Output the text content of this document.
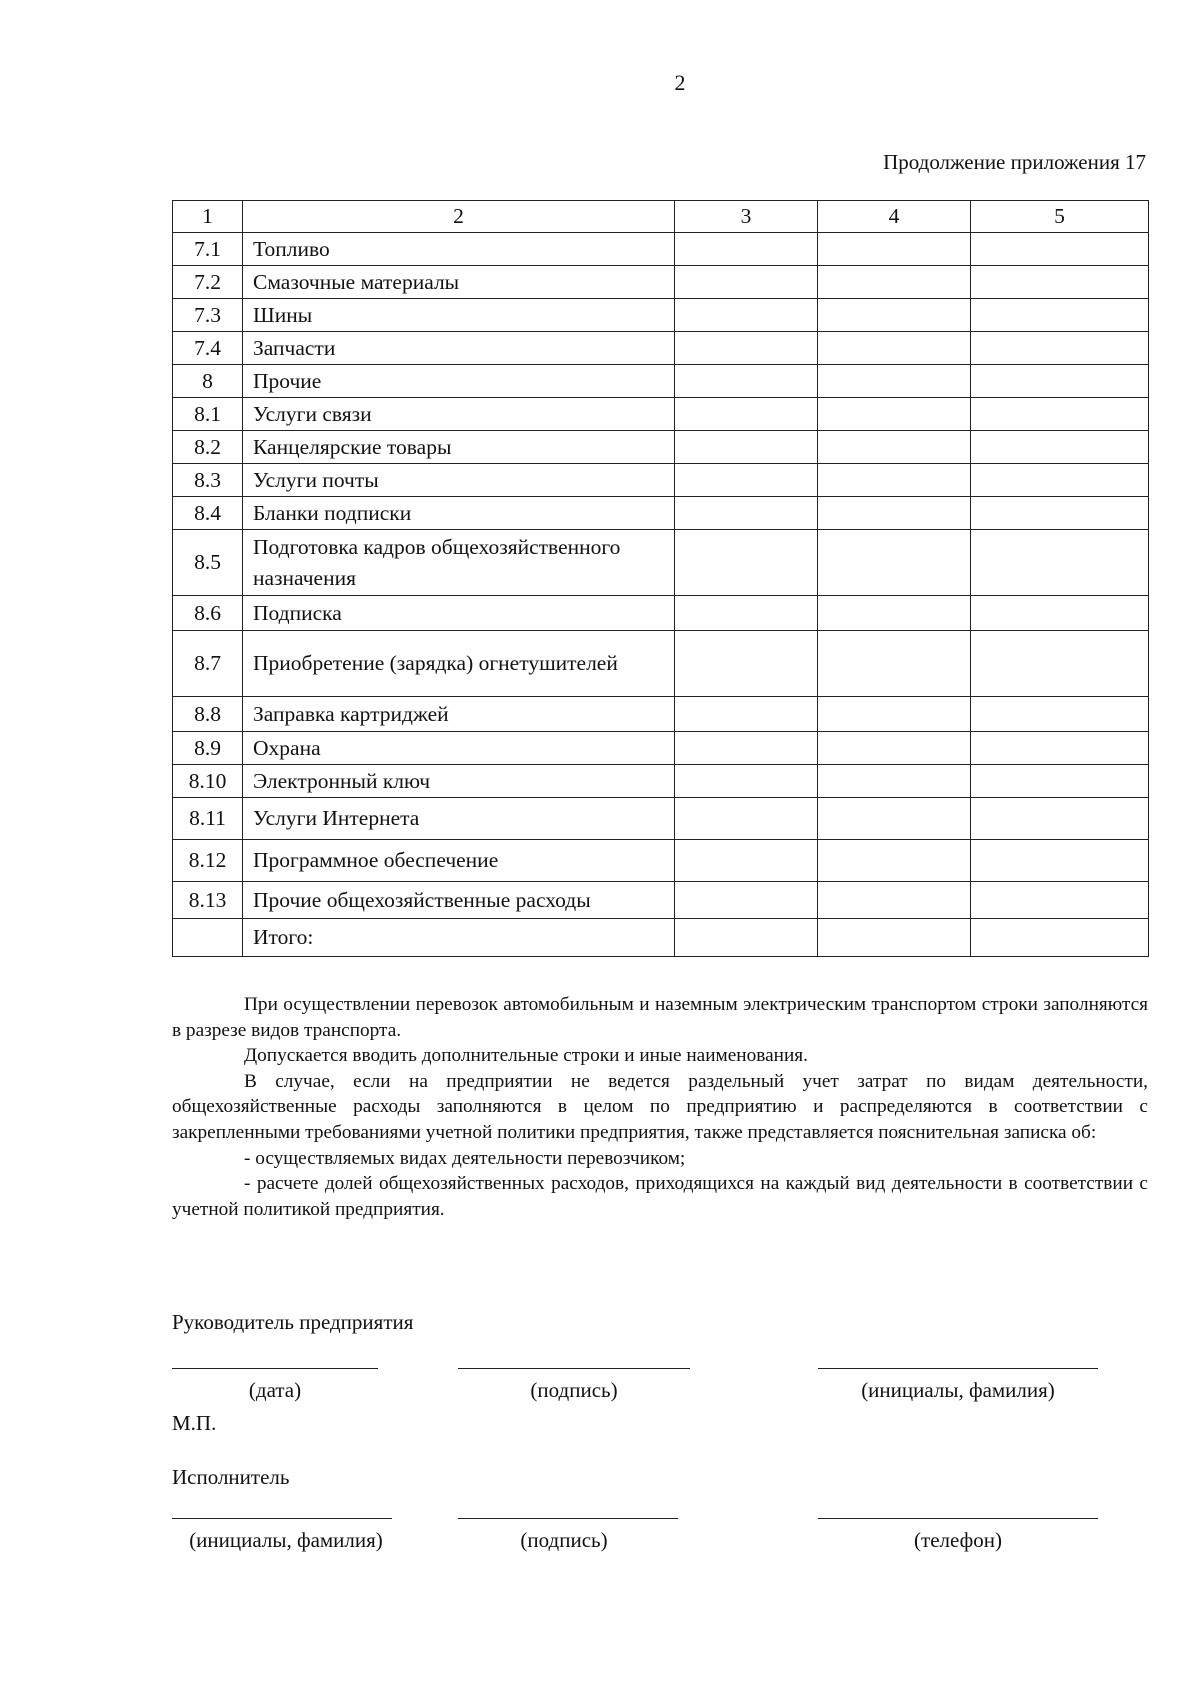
2
Продолжение приложения 17
1	2	3	4	5
7.1	Топливо			
7.2	Смазочные материалы			
7.3	Шины			
7.4	Запчасти			
8	Прочие			
8.1	Услуги связи			
8.2	Канцелярские товары			
8.3	Услуги почты			
8.4	Бланки подписки			
8.5	Подготовка кадров общехозяйственного назначения			
8.6	Подписка			
8.7	Приобретение (зарядка) огнетушителей			
8.8	Заправка картриджей			
8.9	Охрана			
8.10	Электронный ключ			
8.11	Услуги Интернета			
8.12	Программное обеспечение			
8.13	Прочие общехозяйственные расходы			
	Итого:			

При осуществлении перевозок автомобильным и наземным электрическим транспортом строки заполняются в разрезе видов транспорта.

Допускается вводить дополнительные строки и иные наименования.

В случае, если на предприятии не ведется раздельный учет затрат по видам деятельности, общехозяйственные расходы заполняются в целом по предприятию и распределяются в соответствии с закрепленными требованиями учетной политики предприятия, также представляется пояснительная записка об:

- осуществляемых видах деятельности перевозчиком;

- расчете долей общехозяйственных расходов, приходящихся на каждый вид деятельности в соответствии с учетной политикой предприятия.

Руководитель предприятия
(дата)	(подпись)	(инициалы, фамилия)
М.П.
Исполнитель
(инициалы, фамилия)	(подпись)	(телефон)
